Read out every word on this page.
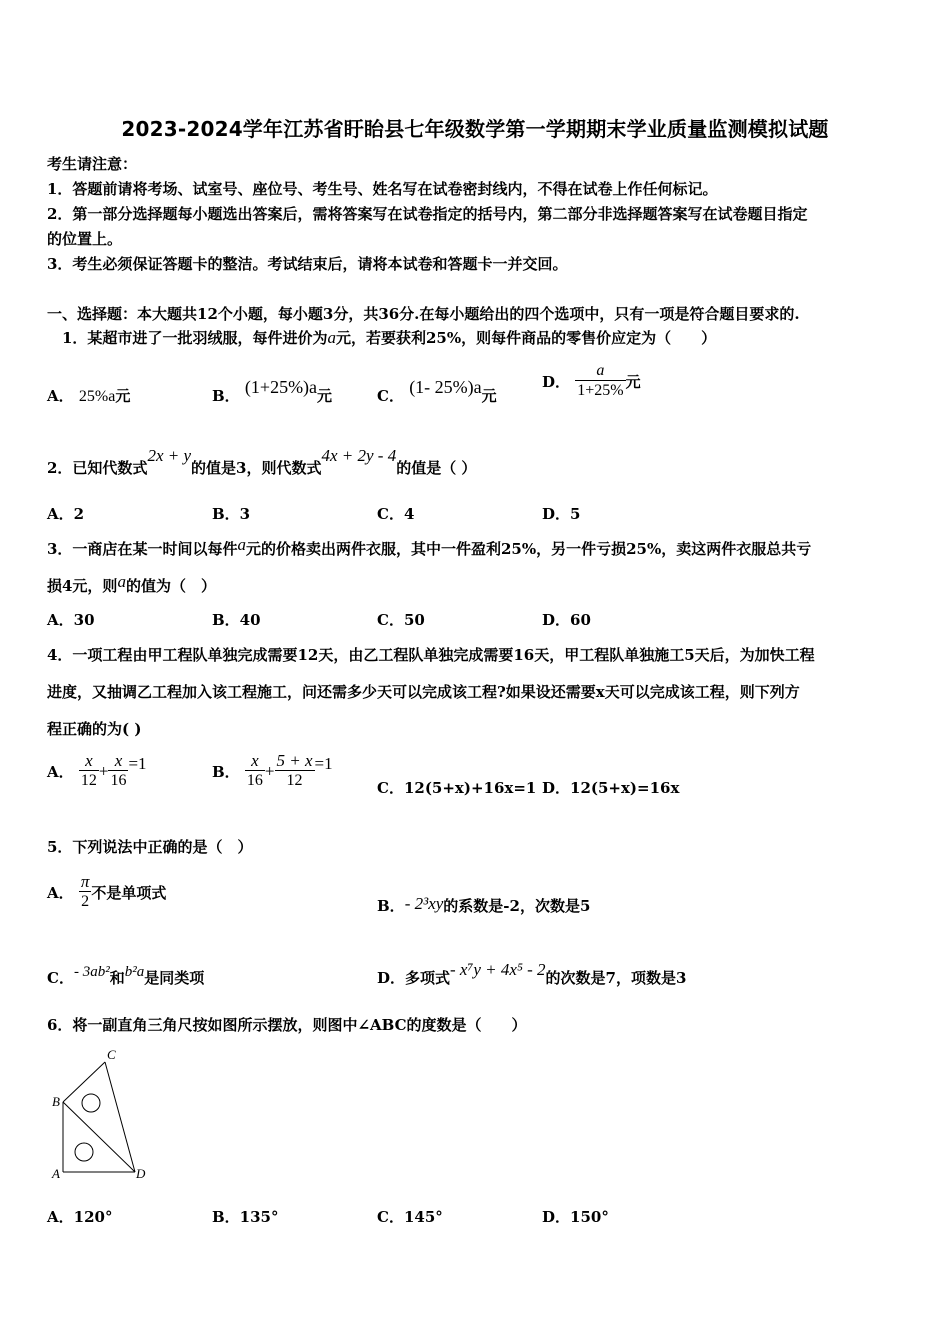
2023-2024学年江苏省盱眙县七年级数学第一学期期末学业质量监测模拟试题
考生请注意：
1．答题前请将考场、试室号、座位号、考生号、姓名写在试卷密封线内，不得在试卷上作任何标记。
2．第一部分选择题每小题选出答案后，需将答案写在试卷指定的括号内，第二部分非选择题答案写在试卷题目指定
的位置上。
3．考生必须保证答题卡的整洁。考试结束后，请将本试卷和答题卡一并交回。
一、选择题：本大题共12个小题，每小题3分，共36分.在每小题给出的四个选项中，只有一项是符合题目要求的.
1．某超市进了一批羽绒服，每件进价为a元，若要获利25%，则每件商品的零售价应定为（　　）
A． 25%a元	B． (1+25%)a元	C． (1- 25%)a元
D． $\frac{a}{1+25\%}$ 元
2．已知代数式2x + y的值是3，则代数式4x + 2y - 4的值是（ ）
A．2	B．3	C．4	D．5
3．一商店在某一时间以每件a元的价格卖出两件衣服，其中一件盈利25%，另一件亏损25%，卖这两件衣服总共亏
损4元，则a的值为（　）
A．30	B．40	C．50	D．60
4．一项工程由甲工程队单独完成需要12天，由乙工程队单独完成需要16天，甲工程队单独施工5天后，为加快工程
进度，又抽调乙工程加入该工程施工，问还需多少天可以完成该工程?如果设还需要x天可以完成该工程，则下列方
程正确的为( )
A． $\frac{x}{12} + \frac{x}{16} =1$	B． $\frac{x}{16} + \frac{5 + x}{12} =1$
C．12(5+x)+16x=1 D．12(5+x)=16x
5．下列说法中正确的是（　）
A． $\frac{\pi}{2}$ 不是单项式
B．- 2³xy的系数是-2，次数是5
C．- 3ab²和b²a是同类项	D．多项式- x⁷y + 4x⁵ - 2的次数是7，项数是3
6．将一副直角三角尺按如图所示摆放，则图中∠ABC的度数是（　　）
C
B
A	D
A．120°	B．135°	C．145°	D．150°
